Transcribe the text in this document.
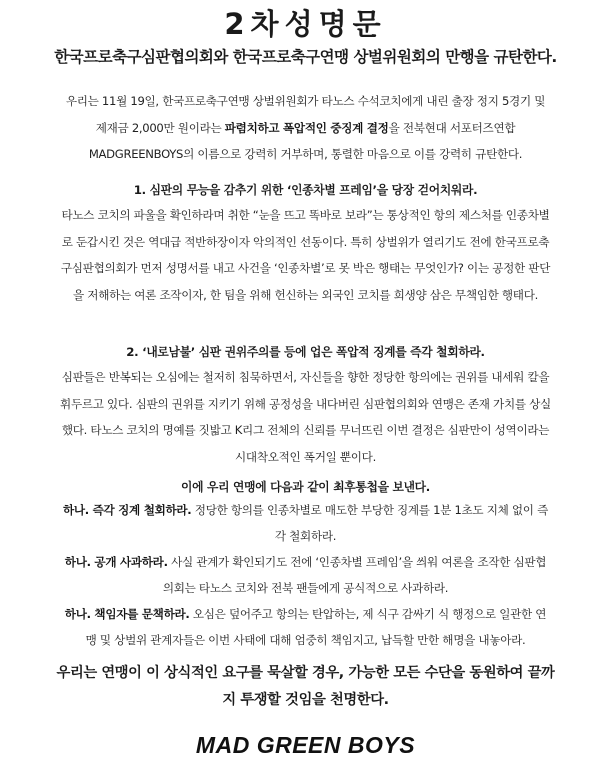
2차성명문
한국프로축구심판협의회와 한국프로축구연맹 상벌위원회의 만행을 규탄한다.
우리는 11월 19일, 한국프로축구연맹 상벌위원회가 타노스 수석코치에게 내린 출장 정지 5경기 및 제재금 2,000만 원이라는 파렴치하고 폭압적인 중징계 결정을 전북현대 서포터즈연합 MADGREENBOYS의 이름으로 강력히 거부하며, 통렬한 마음으로 이를 강력히 규탄한다.
1. 심판의 무능을 감추기 위한 ‘인종차별 프레임’을 당장 걷어치워라.
타노스 코치의 파울을 확인하라며 취한 “눈을 뜨고 똑바로 보라”는 통상적인 항의 제스처를 인종차별로 둔갑시킨 것은 역대급 적반하장이자 악의적인 선동이다. 특히 상벌위가 열리기도 전에 한국프로축구심판협의회가 먼저 성명서를 내고 사건을 ‘인종차별’로 못 박은 행태는 무엇인가? 이는 공정한 판단을 저해하는 여론 조작이자, 한 팀을 위해 헌신하는 외국인 코치를 희생양 삼은 무책임한 행태다.
2. ‘내로남불’ 심판 권위주의를 등에 업은 폭압적 징계를 즉각 철회하라.
심판들은 반복되는 오심에는 철저히 침묵하면서, 자신들을 향한 정당한 항의에는 권위를 내세워 칼을 휘두르고 있다. 심판의 권위를 지키기 위해 공정성을 내다버린 심판협의회와 연맹은 존재 가치를 상실했다. 타노스 코치의 명예를 짓밟고 K리그 전체의 신뢰를 무너뜨린 이번 결정은 심판만이 성역이라는 시대착오적인 폭거일 뿐이다.
이에 우리 연맹에 다음과 같이 최후통첩을 보낸다.
하나. 즉각 징계 철회하라. 정당한 항의를 인종차별로 매도한 부당한 징계를 1분 1초도 지체 없이 즉각 철회하라.
하나. 공개 사과하라. 사실 관계가 확인되기도 전에 ‘인종차별 프레임’을 씌워 여론을 조작한 심판협의회는 타노스 코치와 전북 팬들에게 공식적으로 사과하라.
하나. 책임자를 문책하라. 오심은 덮어주고 항의는 탄압하는, 제 식구 감싸기 식 행정으로 일관한 연맹 및 상벌위 관계자들은 이번 사태에 대해 엄중히 책임지고, 납득할 만한 해명을 내놓아라.
우리는 연맹이 이 상식적인 요구를 묵살할 경우, 가능한 모든 수단을 동원하여 끝까지 투쟁할 것임을 천명한다.
MAD GREEN BOYS
